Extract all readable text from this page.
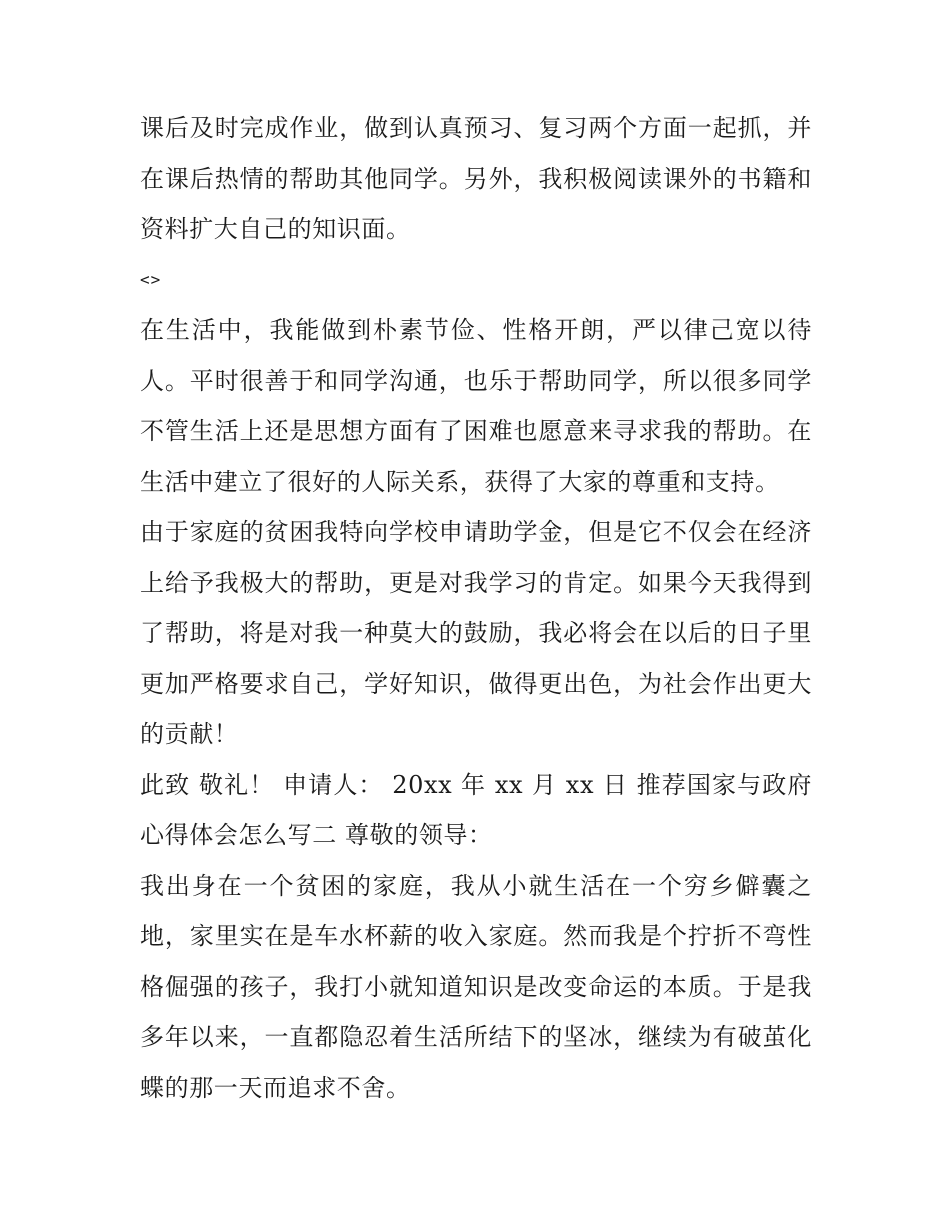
课后及时完成作业，做到认真预习、复习两个方面一起抓，并在课后热情的帮助其他同学。另外，我积极阅读课外的书籍和资料扩大自己的知识面。

<>

在生活中，我能做到朴素节俭、性格开朗，严以律己宽以待人。平时很善于和同学沟通，也乐于帮助同学，所以很多同学不管生活上还是思想方面有了困难也愿意来寻求我的帮助。在生活中建立了很好的人际关系，获得了大家的尊重和支持。

由于家庭的贫困我特向学校申请助学金，但是它不仅会在经济上给予我极大的帮助，更是对我学习的肯定。如果今天我得到了帮助，将是对我一种莫大的鼓励，我必将会在以后的日子里更加严格要求自己，学好知识，做得更出色，为社会作出更大的贡献！

此致 敬礼！ 申请人： 20xx 年 xx 月 xx 日 推荐国家与政府心得体会怎么写二 尊敬的领导：

我出身在一个贫困的家庭，我从小就生活在一个穷乡僻囊之地，家里实在是车水杯薪的收入家庭。然而我是个拧折不弯性格倔强的孩子，我打小就知道知识是改变命运的本质。于是我多年以来，一直都隐忍着生活所结下的坚冰，继续为有破茧化蝶的那一天而追求不舍。
